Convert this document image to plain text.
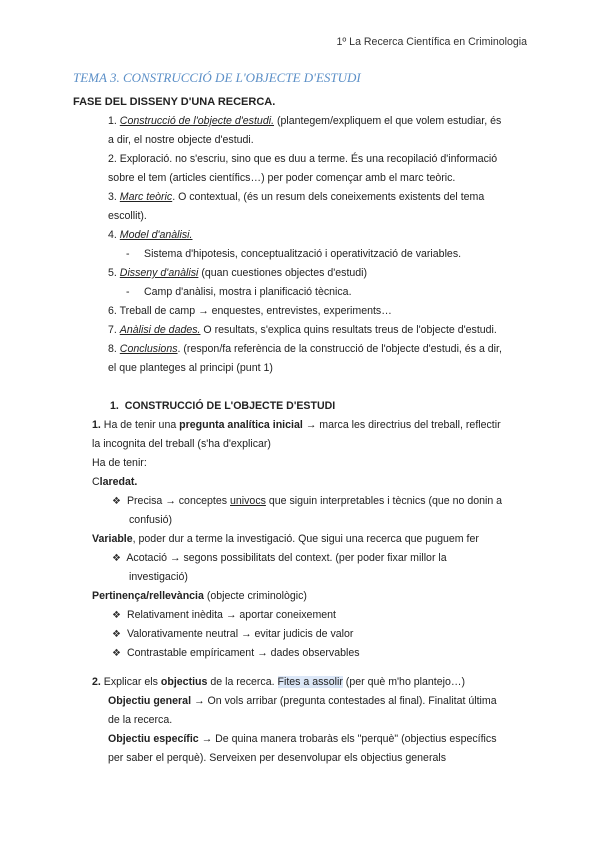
1º La Recerca Científica en Criminologia
TEMA 3. CONSTRUCCIÓ DE L'OBJECTE D'ESTUDI
FASE DEL DISSENY D'UNA RECERCA.
1. Construcció de l'objecte d'estudi. (plantegem/expliquem el que volem estudiar, és
a dir, el nostre objecte d'estudi.
2. Exploració. no s'escriu, sino que es duu a terme. És una recopilació d'informació
sobre el tem (articles científics…) per poder començar amb el marc teòric.
3. Marc teòric. O contextual, (és un resum dels coneixements existents del tema
escollit).
4. Model d'anàlisi.
- Sistema d'hipotesis, conceptualització i operativització de variables.
5. Disseny d'anàlisi (quan cuestiones objectes d'estudi)
- Camp d'anàlisi, mostra i planificació tècnica.
6. Treball de camp → enquestes, entrevistes, experiments…
7. Anàlisi de dades. O resultats, s'explica quins resultats treus de l'objecte d'estudi.
8. Conclusions. (respon/fa referència de la construcció de l'objecte d'estudi, és a dir,
el que planteges al principi (punt 1)
1. CONSTRUCCIÓ DE L'OBJECTE D'ESTUDI
1. Ha de tenir una pregunta analítica inicial → marca les directrius del treball, reflectir
la incognita del treball (s'ha d'explicar)
Ha de tenir:
Claredat.
❖ Precisa → conceptes univocs que siguin interpretables i tècnics (que no donin a
confusió)
Variable, poder dur a terme la investigació. Que sigui una recerca que puguem fer
❖ Acotació → segons possibilitats del context. (per poder fixar millor la
investigació)
Pertinença/rellevància (objecte criminològic)
❖ Relativament inèdita → aportar coneixement
❖ Valorativamente neutral → evitar judicis de valor
❖ Contrastable empíricament → dades observables
2. Explicar els objectius de la recerca. Fites a assolir (per què m'ho plantejo…)
Objectiu general → On vols arribar (pregunta contestades al final). Finalitat última
de la recerca.
Objectiu específic → De quina manera trobaràs els "perquè" (objectius específics
per saber el perquè). Serveixen per desenvolupar els objectius generals
